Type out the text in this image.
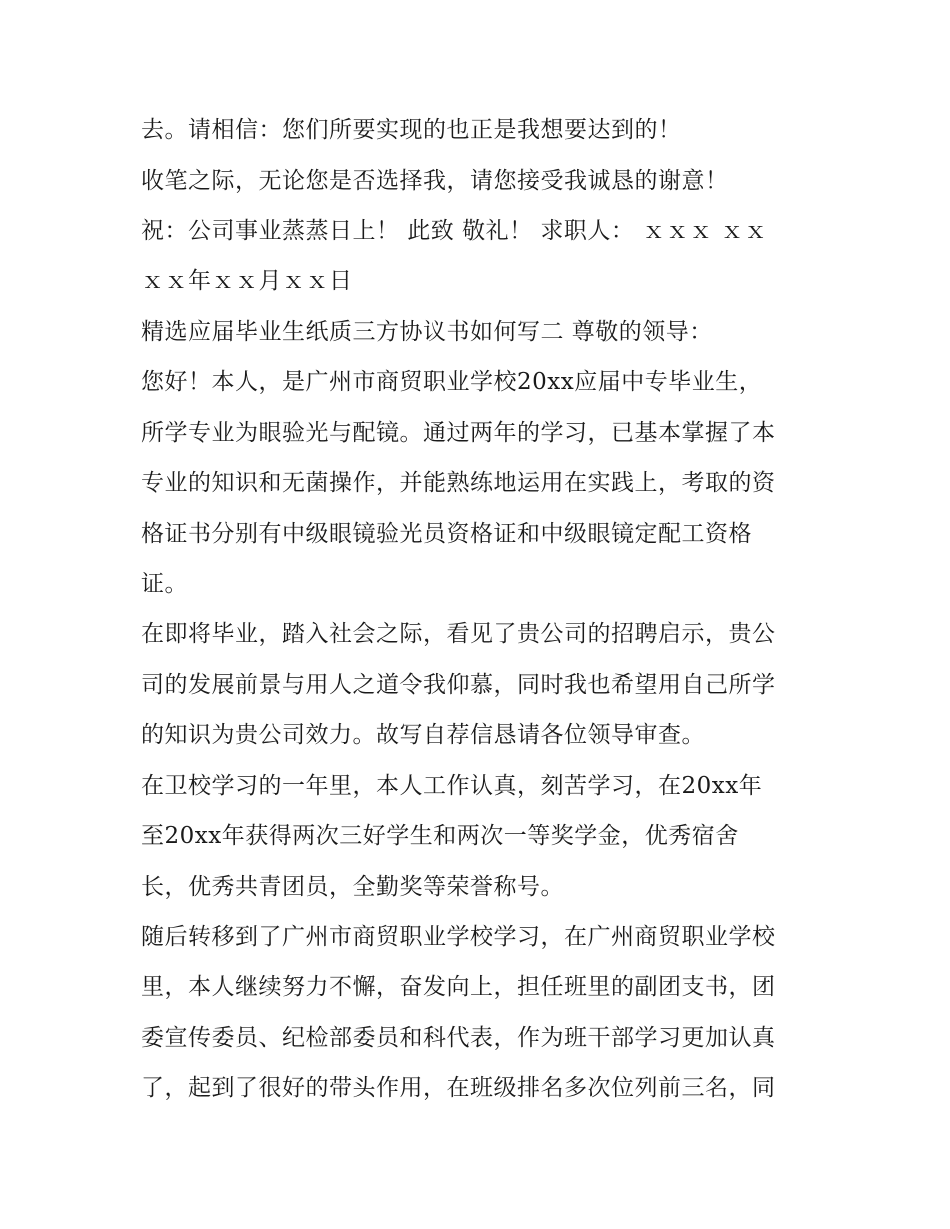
去。请相信：您们所要实现的也正是我想要达到的！
收笔之际，无论您是否选择我，请您接受我诚恳的谢意！
祝：公司事业蒸蒸日上！ 此致 敬礼！ 求职人： ｘｘｘ ｘｘ
ｘｘ年ｘｘ月ｘｘ日
精选应届毕业生纸质三方协议书如何写二 尊敬的领导：
您好！本人，是广州市商贸职业学校20xx应届中专毕业生，
所学专业为眼验光与配镜。通过两年的学习，已基本掌握了本
专业的知识和无菌操作，并能熟练地运用在实践上，考取的资
格证书分别有中级眼镜验光员资格证和中级眼镜定配工资格
证。
在即将毕业，踏入社会之际，看见了贵公司的招聘启示，贵公
司的发展前景与用人之道令我仰慕，同时我也希望用自己所学
的知识为贵公司效力。故写自荐信恳请各位领导审查。
在卫校学习的一年里，本人工作认真，刻苦学习，在20xx年
至20xx年获得两次三好学生和两次一等奖学金，优秀宿舍
长，优秀共青团员，全勤奖等荣誉称号。
随后转移到了广州市商贸职业学校学习，在广州商贸职业学校
里，本人继续努力不懈，奋发向上，担任班里的副团支书，团
委宣传委员、纪检部委员和科代表，作为班干部学习更加认真
了，起到了很好的带头作用，在班级排名多次位列前三名，同
